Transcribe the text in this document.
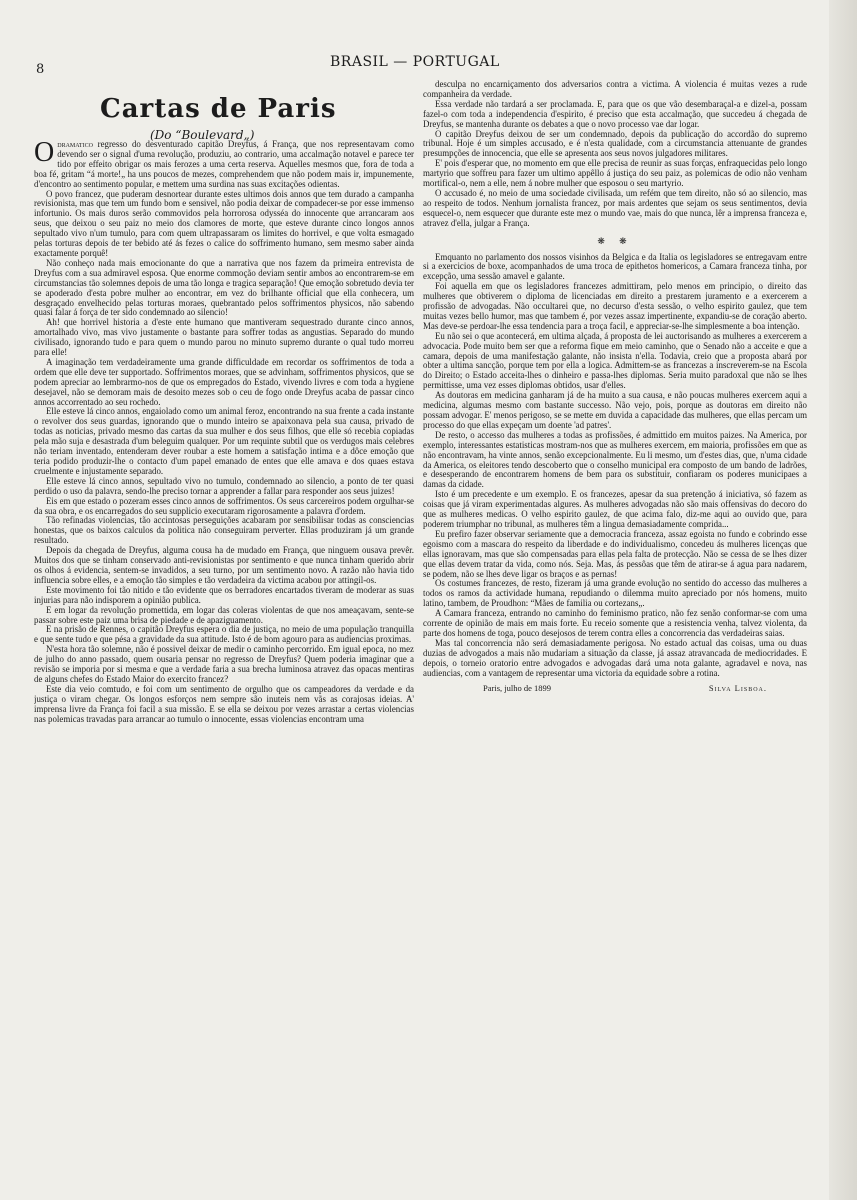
8	BRASIL — PORTUGAL
Cartas de Paris
(Do “Boulevard„)

Odramatico regresso do desventurado capitão Dreyfus, á França, que nos representavam como devendo ser o signal d'uma revolução, produziu, ao contrario, uma accalmação notavel e parece ter tido por effeito obrigar os mais ferozes a uma certa reserva. Aquelles mesmos que, fora de toda a boa fé, gritam “á morte!„ ha uns poucos de mezes, comprehendem que não podem mais ir, impunemente, d'encontro ao sentimento popular, e mettem uma surdina nas suas excitações odientas.

O povo francez, que puderam desnortear durante estes ultimos dois annos que tem durado a campanha revisionista, mas que tem um fundo bom e sensivel, não podia deixar de compadecer-se por esse immenso infortunio. Os mais duros serão commovidos pela horrorosa odysséa do innocente que arrancaram aos seus, que deixou o seu paiz no meio dos clamores de morte, que esteve durante cinco longos annos sepultado vivo n'um tumulo, para com quem ultrapassaram os limites do horrivel, e que volta esmagado pelas torturas depois de ter bebido até ás fezes o calice do soffrimento humano, sem mesmo saber ainda exactamente porquê!

Não conheço nada mais emocionante do que a narrativa que nos fazem da primeira entrevista de Dreyfus com a sua admiravel esposa. Que enorme commoção deviam sentir ambos ao encontrarem-se em circumstancias tão solemnes depois de uma tão longa e tragica separação! Que emoção sobretudo devia ter se apoderado d'esta pobre mulher ao encontrar, em vez do brilhante official que ella conhecera, um desgraçado envelhecido pelas torturas moraes, quebrantado pelos soffrimentos physicos, não sabendo quasi falar á força de ter sido condemnado ao silencio!

Ah! que horrivel historia a d'este ente humano que mantiveram sequestrado durante cinco annos, amortalhado vivo, mas vivo justamente o bastante para soffrer todas as angustias. Separado do mundo civilisado, ignorando tudo e para quem o mundo parou no minuto supremo durante o qual tudo morreu para elle!

A imaginação tem verdadeiramente uma grande difficuldade em recordar os soffrimentos de toda a ordem que elle deve ter supportado. Soffrimentos moraes, que se advinham, soffrimentos physicos, que se podem apreciar ao lembrarmo-nos de que os empregados do Estado, vivendo livres e com toda a hygiene desejavel, não se demoram mais de desoito mezes sob o ceu de fogo onde Dreyfus acaba de passar cinco annos accorrentado ao seu rochedo.

Elle esteve lá cinco annos, engaiolado como um animal feroz, encontrando na sua frente a cada instante o revolver dos seus guardas, ignorando que o mundo inteiro se apaixonava pela sua causa, privado de todas as noticias, privado mesmo das cartas da sua mulher e dos seus filhos, que elle só recebia copiadas pela mão suja e desastrada d'um beleguim qualquer. Por um requinte subtil que os verdugos mais celebres não teriam inventado, entenderam dever roubar a este homem a satisfação intima e a dôce emoção que teria podido produzir-lhe o contacto d'um papel emanado de entes que elle amava e dos quaes estava cruelmente e injustamente separado.

Elle esteve lá cinco annos, sepultado vivo no tumulo, condemnado ao silencio, a ponto de ter quasi perdido o uso da palavra, sendo-lhe preciso tornar a apprender a fallar para responder aos seus juizes!

Eis em que estado o pozeram esses cinco annos de soffrimentos. Os seus carcereiros podem orgulhar-se da sua obra, e os encarregados do seu supplicio executaram rigorosamente a palavra d'ordem.

Tão refinadas violencias, tão accintosas perseguições acabaram por sensibilisar todas as consciencias honestas, que os baixos calculos da politica não conseguiram perverter. Ellas produziram já um grande resultado.

Depois da chegada de Dreyfus, alguma cousa ha de mudado em França, que ninguem ousava prevêr. Muitos dos que se tinham conservado anti-revisionistas por sentimento e que nunca tinham querido abrir os olhos á evidencia, sentem-se invadidos, a seu turno, por um sentimento novo. A razão não havia tido influencia sobre elles, e a emoção tão simples e tão verdadeira da victima acabou por attingil-os.

Este movimento foi tão nitido e tão evidente que os berradores encartados tiveram de moderar as suas injurias para não indisporem a opinião publica.

E em logar da revolução promettida, em logar das coleras violentas de que nos ameaçavam, sente-se passar sobre este paiz uma brisa de piedade e de apaziguamento.

E na prisão de Rennes, o capitão Dreyfus espera o dia de justiça, no meio de uma população tranquilla e que sente tudo e que pésa a gravidade da sua attitude. Isto é de bom agouro para as audiencias proximas.

N'esta hora tão solemne, não é possivel deixar de medir o caminho percorrido. Em igual epoca, no mez de julho do anno passado, quem ousaria pensar no regresso de Dreyfus? Quem poderia imaginar que a revisão se imporia por si mesma e que a verdade faria a sua brecha luminosa atravez das opacas mentiras de alguns chefes do Estado Maior do exercito francez?

Este dia veio comtudo, e foi com um sentimento de orgulho que os campeadores da verdade e da justiça o viram chegar. Os longos esforços nem sempre são inuteis nem vãs as corajosas ideias. A' imprensa livre da França foi facil a sua missão. E se ella se deixou por vezes arrastar a certas violencias nas polemicas travadas para arrancar ao tumulo o innocente, essas violencias encontram uma

desculpa no encarniçamento dos adversarios contra a victima. A violencia é muitas vezes a rude companheira da verdade.

Essa verdade não tardará a ser proclamada. E, para que os que vão desembaraçal-a e dizel-a, possam fazel-o com toda a independencia d'espirito, é preciso que esta accalmação, que succedeu á chegada de Dreyfus, se mantenha durante os debates a que o novo processo vae dar logar.

O capitão Dreyfus deixou de ser um condemnado, depois da publicação do accordão do supremo tribunal. Hoje é um simples accusado, e é n'esta qualidade, com a circumstancia attenuante de grandes presumpções de innocencia, que elle se apresenta aos seus novos julgadores militares.

E' pois d'esperar que, no momento em que elle precisa de reunir as suas forças, enfraquecidas pelo longo martyrio que soffreu para fazer um ultimo appêllo á justiça do seu paiz, as polemicas de odio não venham mortifical-o, nem a elle, nem á nobre mulher que esposou o seu martyrio.

O accusado é, no meio de uma sociedade civilisada, um refém que tem direito, não só ao silencio, mas ao respeito de todos. Nenhum jornalista francez, por mais ardentes que sejam os seus sentimentos, devia esquecel-o, nem esquecer que durante este mez o mundo vae, mais do que nunca, lêr a imprensa franceza e, atravez d'ella, julgar a França.

❋ ❋

Emquanto no parlamento dos nossos visinhos da Belgica e da Italia os legisladores se entregavam entre si a exercicios de boxe, acompanhados de uma troca de epithetos homericos, a Camara franceza tinha, por excepção, uma sessão amavel e galante.

Foi aquella em que os legisladores francezes admittiram, pelo menos em principio, o direito das mulheres que obtiverem o diploma de licenciadas em direito a prestarem juramento e a exercerem a profissão de advogadas. Não occultarei que, no decurso d'esta sessão, o velho espirito gaulez, que tem muitas vezes bello humor, mas que tambem é, por vezes assaz impertinente, expandiu-se de coração aberto. Mas deve-se perdoar-lhe essa tendencia para a troça facil, e appreciar-se-lhe simplesmente a boa intenção.

Eu não sei o que acontecerá, em ultima alçada, á proposta de lei auctorisando as mulheres a exercerem a advocacia. Pode muito bem ser que a reforma fique em meio caminho, que o Senado não a acceite e que a camara, depois de uma manifestação galante, não insista n'ella. Todavia, creio que a proposta abará por obter a ultima sancção, porque tem por ella a logica. Admittem-se as francezas a inscreverem-se na Escola do Direito; o Estado acceita-lhes o dinheiro e passa-lhes diplomas. Seria muito paradoxal que não se lhes permittisse, uma vez esses diplomas obtidos, usar d'elles.

As doutoras em medicina ganharam já de ha muito a sua causa, e não poucas mulheres exercem aqui a medicina, algumas mesmo com bastante successo. Não vejo, pois, porque as doutoras em direito não possam advogar. E' menos perigoso, se se mette em duvida a capacidade das mulheres, que ellas percam um processo do que ellas expeçam um doente 'ad patres'.

De resto, o accesso das mulheres a todas as profissões, é admittido em muitos paizes. Na America, por exemplo, interessantes estatisticas mostram-nos que as mulheres exercem, em maioria, profissões em que as não encontravam, ha vinte annos, senão excepcionalmente. Eu li mesmo, um d'estes dias, que, n'uma cidade da America, os eleitores tendo descoberto que o conselho municipal era composto de um bando de ladrões, e desesperando de encontrarem homens de bem para os substituir, confiaram os poderes municipaes a damas da cidade.

Isto é um precedente e um exemplo. E os francezes, apesar da sua pretenção á iniciativa, só fazem as coisas que já viram experimentadas algures. As mulheres advogadas não são mais offensivas do decoro do que as mulheres medicas. O velho espirito gaulez, de que acima falo, diz-me aqui ao ouvido que, para poderem triumphar no tribunal, as mulheres têm a lingua demasiadamente comprida...

Eu prefiro fazer observar seriamente que a democracia franceza, assaz egoista no fundo e cobrindo esse egoismo com a mascara do respeito da liberdade e do individualismo, concedeu ás mulheres licenças que ellas ignoravam, mas que são compensadas para ellas pela falta de protecção. Não se cessa de se lhes dizer que ellas devem tratar da vida, como nós. Seja. Mas, ás pessôas que têm de atirar-se á agua para nadarem, se podem, não se lhes deve ligar os braços e as pernas!

Os costumes francezes, de resto, fizeram já uma grande evolução no sentido do accesso das mulheres a todos os ramos da actividade humana, repudiando o dilemma muito apreciado por nós homens, muito latino, tambem, de Proudhon: “Mães de familia ou cortezans„.

A Camara franceza, entrando no caminho do feminismo pratico, não fez senão conformar-se com uma corrente de opinião de mais em mais forte. Eu receio somente que a resistencia venha, talvez violenta, da parte dos homens de toga, pouco desejosos de terem contra elles a concorrencia das verdadeiras saias.

Mas tal concorrencia não será demasiadamente perigosa. No estado actual das coisas, uma ou duas duzias de advogados a mais não mudariam a situação da classe, já assaz atravancada de mediocridades. E depois, o torneio oratorio entre advogados e advogadas dará uma nota galante, agradavel e nova, nas audiencias, com a vantagem de representar uma victoria da equidade sobre a rotina.

Paris, julho de 1899	Silva Lisboa.
